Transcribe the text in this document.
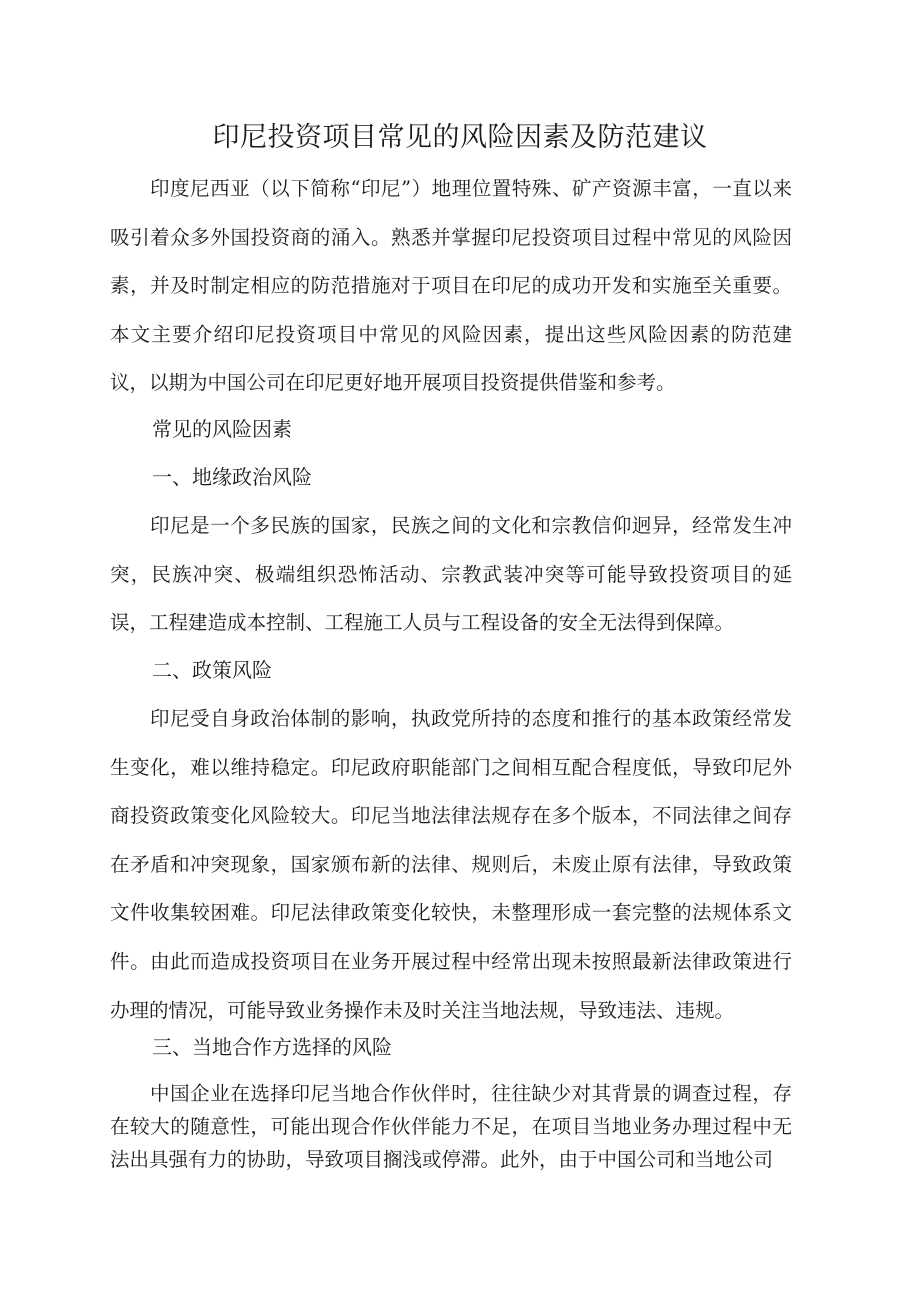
印尼投资项目常见的风险因素及防范建议

印度尼西亚（以下简称“印尼”）地理位置特殊、矿产资源丰富，一直以来吸引着众多外国投资商的涌入。熟悉并掌握印尼投资项目过程中常见的风险因素，并及时制定相应的防范措施对于项目在印尼的成功开发和实施至关重要。本文主要介绍印尼投资项目中常见的风险因素，提出这些风险因素的防范建议，以期为中国公司在印尼更好地开展项目投资提供借鉴和参考。

常见的风险因素
一、地缘政治风险

印尼是一个多民族的国家，民族之间的文化和宗教信仰迥异，经常发生冲突，民族冲突、极端组织恐怖活动、宗教武装冲突等可能导致投资项目的延误，工程建造成本控制、工程施工人员与工程设备的安全无法得到保障。

二、政策风险

印尼受自身政治体制的影响，执政党所持的态度和推行的基本政策经常发生变化，难以维持稳定。印尼政府职能部门之间相互配合程度低，导致印尼外商投资政策变化风险较大。印尼当地法律法规存在多个版本，不同法律之间存在矛盾和冲突现象，国家颁布新的法律、规则后，未废止原有法律，导致政策文件收集较困难。印尼法律政策变化较快，未整理形成一套完整的法规体系文件。由此而造成投资项目在业务开展过程中经常出现未按照最新法律政策进行办理的情况，可能导致业务操作未及时关注当地法规，导致违法、违规。

三、当地合作方选择的风险

中国企业在选择印尼当地合作伙伴时，往往缺少对其背景的调查过程，存在较大的随意性，可能出现合作伙伴能力不足，在项目当地业务办理过程中无法出具强有力的协助，导致项目搁浅或停滞。此外，由于中国公司和当地公司
